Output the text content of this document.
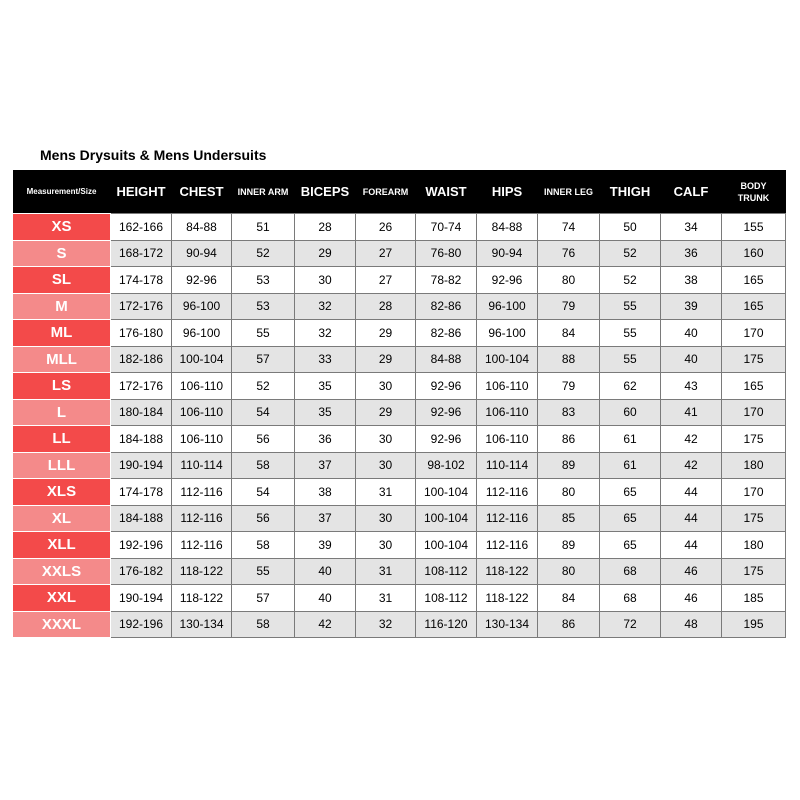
Mens Drysuits & Mens Undersuits
Measurement/Size	HEIGHT	CHEST	INNER ARM	BICEPS	FOREARM	WAIST	HIPS	INNER LEG	THIGH	CALF	BODY
TRUNK

XS	162-166	84-88	51	28	26	70-74	84-88	74	50	34	155
S	168-172	90-94	52	29	27	76-80	90-94	76	52	36	160
SL	174-178	92-96	53	30	27	78-82	92-96	80	52	38	165
M	172-176	96-100	53	32	28	82-86	96-100	79	55	39	165
ML	176-180	96-100	55	32	29	82-86	96-100	84	55	40	170
MLL	182-186	100-104	57	33	29	84-88	100-104	88	55	40	175
LS	172-176	106-110	52	35	30	92-96	106-110	79	62	43	165
L	180-184	106-110	54	35	29	92-96	106-110	83	60	41	170
LL	184-188	106-110	56	36	30	92-96	106-110	86	61	42	175
LLL	190-194	110-114	58	37	30	98-102	110-114	89	61	42	180
XLS	174-178	112-116	54	38	31	100-104	112-116	80	65	44	170
XL	184-188	112-116	56	37	30	100-104	112-116	85	65	44	175
XLL	192-196	112-116	58	39	30	100-104	112-116	89	65	44	180
XXLS	176-182	118-122	55	40	31	108-112	118-122	80	68	46	175
XXL	190-194	118-122	57	40	31	108-112	118-122	84	68	46	185
XXXL	192-196	130-134	58	42	32	116-120	130-134	86	72	48	195
